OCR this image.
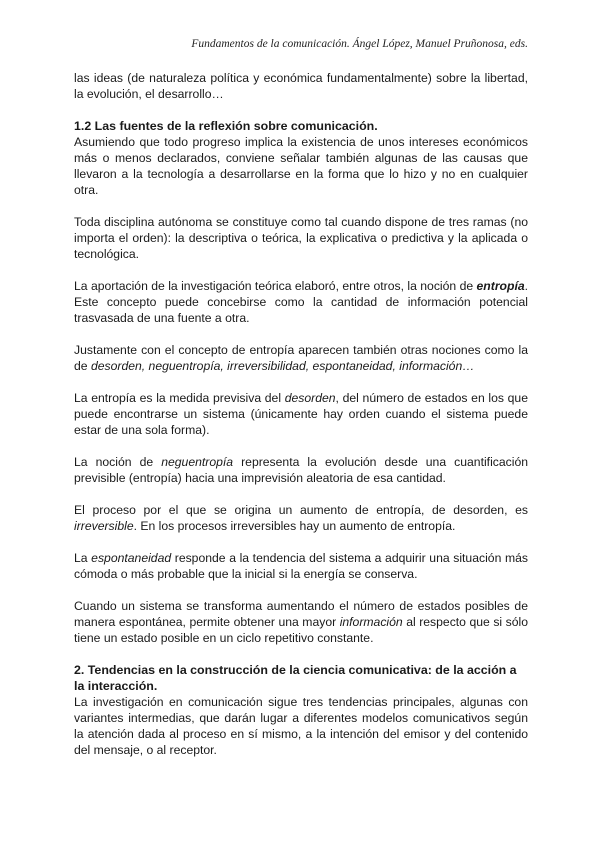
Fundamentos de la comunicación. Ángel López, Manuel Pruñonosa, eds.

las ideas (de naturaleza política y económica fundamentalmente) sobre la libertad, la evolución, el desarrollo…

1.2 Las fuentes de la reflexión sobre comunicación.

Asumiendo que todo progreso implica la existencia de unos intereses económicos más o menos declarados, conviene señalar también algunas de las causas que llevaron a la tecnología a desarrollarse en la forma que lo hizo y no en cualquier otra.

Toda disciplina autónoma se constituye como tal cuando dispone de tres ramas (no importa el orden): la descriptiva o teórica, la explicativa o predictiva y la aplicada o tecnológica.

La aportación de la investigación teórica elaboró, entre otros, la noción de entropía. Este concepto puede concebirse como la cantidad de información potencial trasvasada de una fuente a otra.

Justamente con el concepto de entropía aparecen también otras nociones como la de desorden, neguentropía, irreversibilidad, espontaneidad, información…

La entropía es la medida previsiva del desorden, del número de estados en los que puede encontrarse un sistema (únicamente hay orden cuando el sistema puede estar de una sola forma).

La noción de neguentropía representa la evolución desde una cuantificación previsible (entropía) hacia una imprevisión aleatoria de esa cantidad.

El proceso por el que se origina un aumento de entropía, de desorden, es irreversible. En los procesos irreversibles hay un aumento de entropía.

La espontaneidad responde a la tendencia del sistema a adquirir una situación más cómoda o más probable que la inicial si la energía se conserva.

Cuando un sistema se transforma aumentando el número de estados posibles de manera espontánea, permite obtener una mayor información al respecto que si sólo tiene un estado posible en un ciclo repetitivo constante.

2. Tendencias en la construcción de la ciencia comunicativa: de la acción a la interacción.

La investigación en comunicación sigue tres tendencias principales, algunas con variantes intermedias, que darán lugar a diferentes modelos comunicativos según la atención dada al proceso en sí mismo, a la intención del emisor y del contenido del mensaje, o al receptor.
